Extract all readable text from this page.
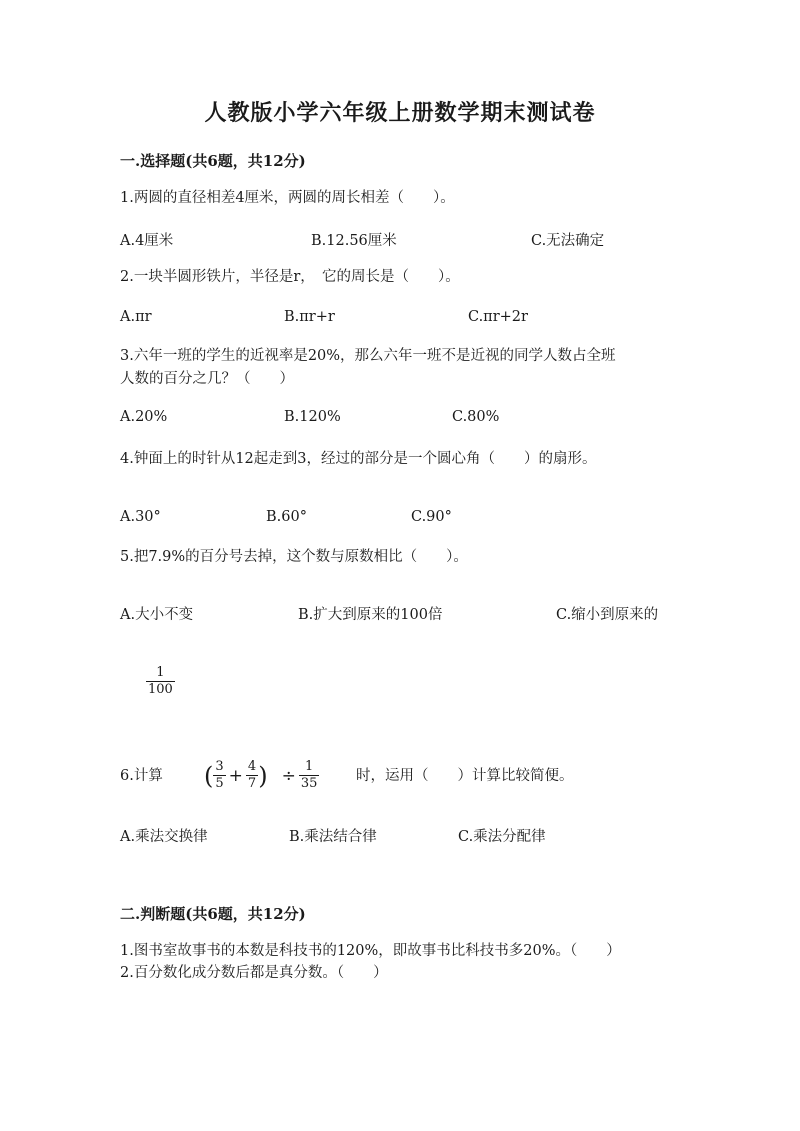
人教版小学六年级上册数学期末测试卷
一.选择题(共6题，共12分)
1.两圆的直径相差4厘米，两圆的周长相差（　　）。
A.4厘米	B.12.56厘米	C.无法确定
2.一块半圆形铁片，半径是r，　它的周长是（　　）。
A.πr	B.πr+r	C.πr+2r
3.六年一班的学生的近视率是20%，那么六年一班不是近视的同学人数占全班
人数的百分之几？（　　）
A.20%	B.120%	C.80%
4.钟面上的时针从12起走到3，经过的部分是一个圆心角（　　）的扇形。
A.30°	B.60°	C.90°
5.把7.9%的百分号去掉，这个数与原数相比（　　）。
A.大小不变	B.扩大到原来的100倍	C.缩小到原来的
1
100
6.计算 ( $\frac{3}{5} + \frac{4}{7}$ ) ÷ $\frac{1}{35}$	时，运用（　　）计算比较简便。
A.乘法交换律	B.乘法结合律	C.乘法分配律
二.判断题(共6题，共12分)
1.图书室故事书的本数是科技书的120%，即故事书比科技书多20%。（　　）
2.百分数化成分数后都是真分数。（　　）
